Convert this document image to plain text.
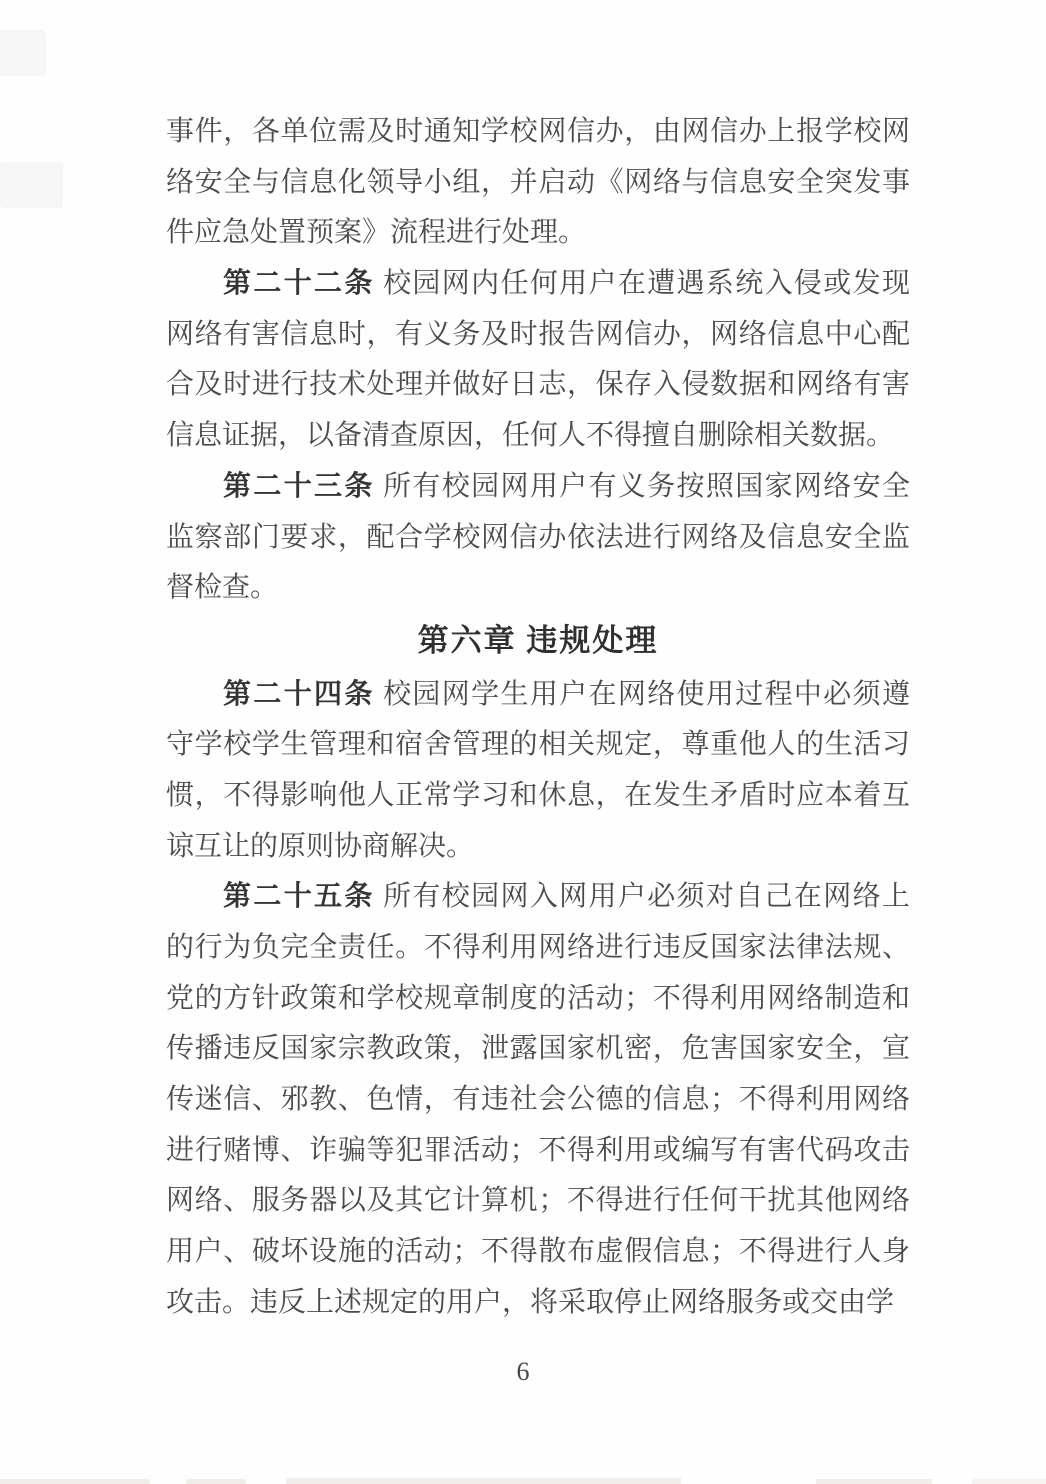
事件，各单位需及时通知学校网信办，由网信办上报学校网
络安全与信息化领导小组，并启动《网络与信息安全突发事
件应急处置预案》流程进行处理。
第二十二条 校园网内任何用户在遭遇系统入侵或发现
网络有害信息时，有义务及时报告网信办，网络信息中心配
合及时进行技术处理并做好日志，保存入侵数据和网络有害
信息证据，以备清查原因，任何人不得擅自删除相关数据。
第二十三条 所有校园网用户有义务按照国家网络安全
监察部门要求，配合学校网信办依法进行网络及信息安全监
督检查。
第六章 违规处理
第二十四条 校园网学生用户在网络使用过程中必须遵
守学校学生管理和宿舍管理的相关规定，尊重他人的生活习
惯，不得影响他人正常学习和休息，在发生矛盾时应本着互
谅互让的原则协商解决。
第二十五条 所有校园网入网用户必须对自己在网络上
的行为负完全责任。不得利用网络进行违反国家法律法规、
党的方针政策和学校规章制度的活动；不得利用网络制造和
传播违反国家宗教政策，泄露国家机密，危害国家安全，宣
传迷信、邪教、色情，有违社会公德的信息；不得利用网络
进行赌博、诈骗等犯罪活动；不得利用或编写有害代码攻击
网络、服务器以及其它计算机；不得进行任何干扰其他网络
用户、破坏设施的活动；不得散布虚假信息；不得进行人身
攻击。违反上述规定的用户，将采取停止网络服务或交由学
6
